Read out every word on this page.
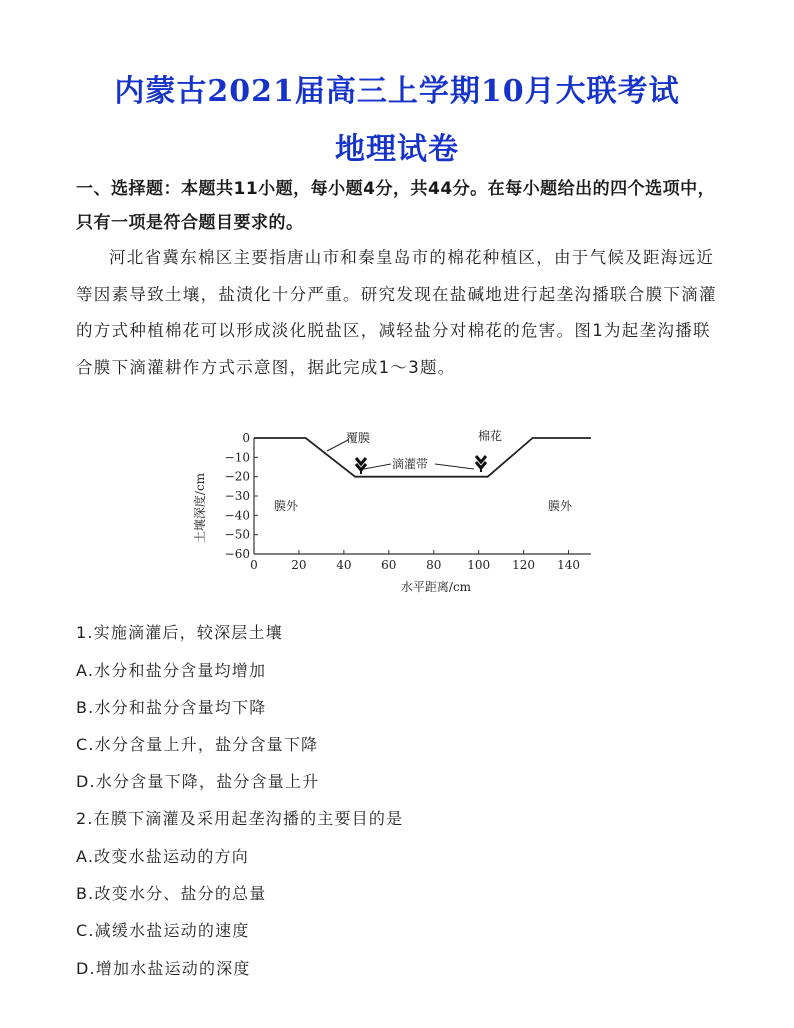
内蒙古2021届高三上学期10月大联考试
地理试卷

一、选择题：本题共11小题，每小题4分，共44分。在每小题给出的四个选项中，只有一项是符合题目要求的。

河北省冀东棉区主要指唐山市和秦皇岛市的棉花种植区，由于气候及距海远近等因素导致土壤，盐渍化十分严重。研究发现在盐碱地进行起垄沟播联合膜下滴灌的方式种植棉花可以形成淡化脱盐区，减轻盐分对棉花的危害。图1为起垄沟播联合膜下滴灌耕作方式示意图，据此完成1～3题。

土壤深度/cm
水平距离/cm
0
−10
−20
−30
−40
−50
−60
0	20 40 60 80 100 120 140
覆膜	棉花
滴灌带
膜外	膜外

1.实施滴灌后，较深层土壤

A.水分和盐分含量均增加

B.水分和盐分含量均下降

C.水分含量上升，盐分含量下降

D.水分含量下降，盐分含量上升

2.在膜下滴灌及采用起垄沟播的主要目的是

A.改变水盐运动的方向

B.改变水分、盐分的总量

C.减缓水盐运动的速度

D.增加水盐运动的深度
